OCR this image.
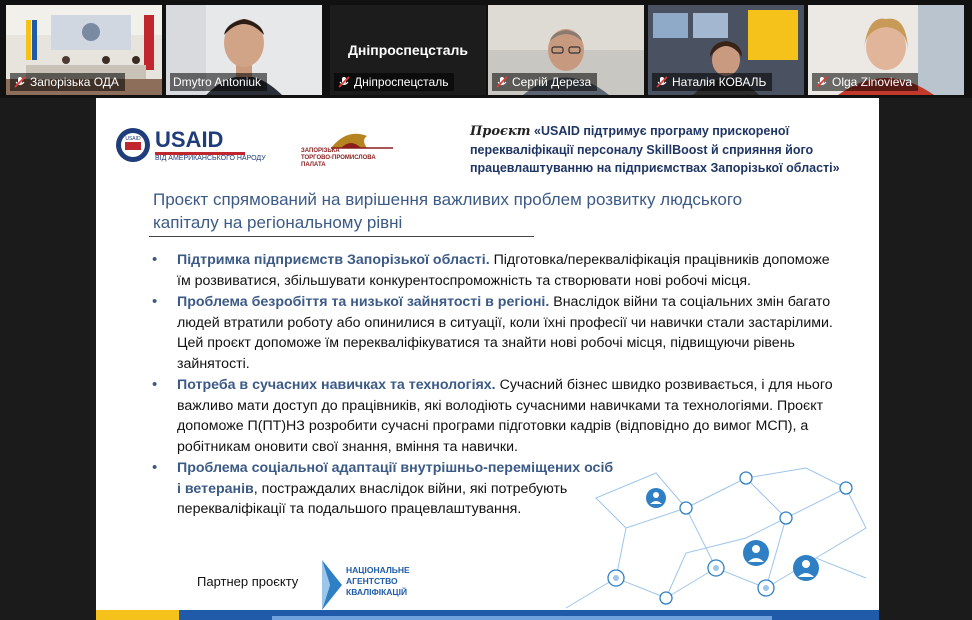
Запорізька ОДА	Dmytro Antoniuk
Дніпроспецсталь
Дніпроспецсталь	Сергій Дереза	Наталія КОВАЛЬ	Olga Zinovieva
USAID USAID
ВІД АМЕРИКАНСЬКОГО НАРОДУ
ЗАПОРІЗЬКА
ТОРГОВО-ПРОМИСЛОВА ПАЛАТА
Проєкт «USAID підтримує програму прискореної перекваліфікації персоналу SkillBoost й сприяння його працевлаштуванню на підприємствах Запорізької області»
Проєкт спрямований на вирішення важливих проблем розвитку людського капіталу на регіональному рівні
• Підтримка підприємств Запорізької області. Підготовка/перекваліфікація працівників допоможе їм розвиватися, збільшувати конкурентоспроможність та створювати нові робочі місця.
• Проблема безробіття та низької зайнятості в регіоні. Внаслідок війни та соціальних змін багато людей втратили роботу або опинилися в ситуації, коли їхні професії чи навички стали застарілими. Цей проєкт допоможе їм перекваліфікуватися та знайти нові робочі місця, підвищуючи рівень зайнятості.
• Потреба в сучасних навичках та технологіях. Сучасний бізнес швидко розвивається, і для нього важливо мати доступ до працівників, які володіють сучасними навичками та технологіями. Проєкт допоможе П(ПТ)НЗ розробити сучасні програми підготовки кадрів (відповідно до вимог МСП), а робітникам оновити свої знання, вміння та навички.
• Проблема соціальної адаптації внутрішньо-переміщених осіб і ветеранів, постраждалих внаслідок війни, які потребують перекваліфікації та подальшого працевлаштування.
Партнер проєкту
НАЦІОНАЛЬНЕ
АГЕНТСТВО
КВАЛІФІКАЦІЙ
